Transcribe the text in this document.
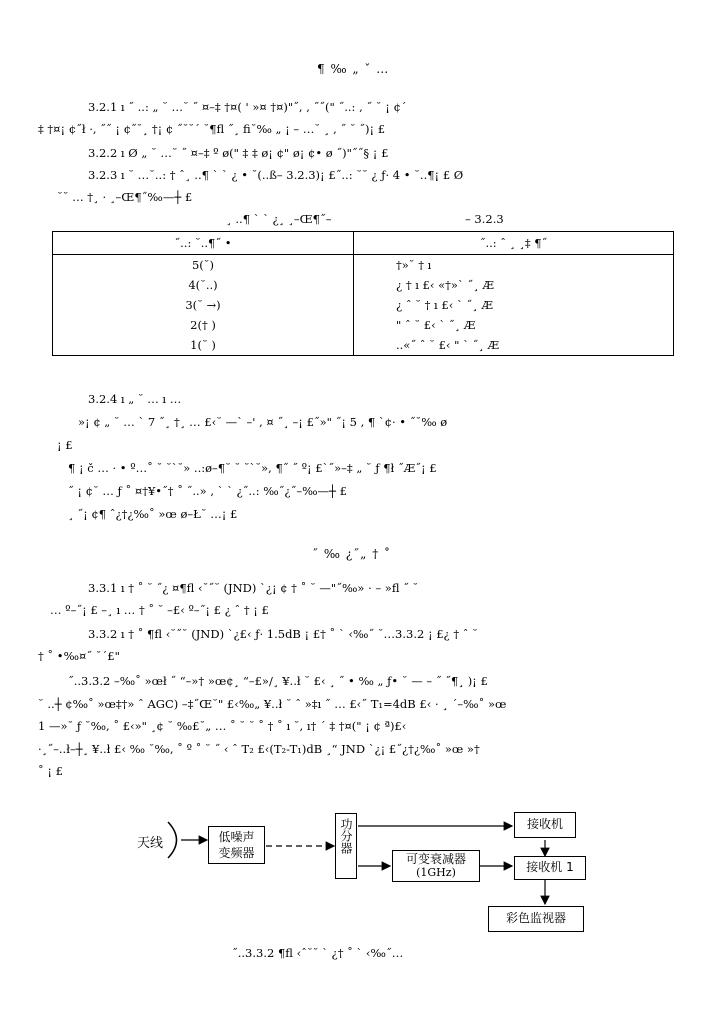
¶ ‰ „ ˇ …
3.2.1 ı ˝ ..: „ ˘ …˘ ˝ ¤–‡ †¤( ' »¤ †¤)"˝, , ˝˝(" ˝..: , ˝ ˘ ¡ ¢´
‡ †¤¡ ¢˝ł ·, ˝˝ ¡ ¢˝˘¸ †¡ ¢ ˝˘˘´ ˘¶fl ˝¸ fi˘‰ „ ¡ – …˘ ¸ , ˝ ˘ ˝)¡ £
3.2.2 ı Ø „ ˘ …˘ ˝ ¤–‡ º ø(" ‡ ‡ ø¡ ¢" ø¡ ¢• ø ˝)"˝˝§ ¡ £
3.2.3 ı ˘ …˘..: † ˆ¸ ..¶ ` ` ¿ • ˘(..ß– 3.2.3)¡ £˝..: ˘˘ ¿ ƒ· 4 • ˘..¶¡ £ Ø
˘˘ … †¸ · ¸–Œ¶˝‰—┼ £
¸ ..¶ ` ` ¿¸ ¸–Œ¶˝–	– 3.2.3
˝..: ˘..¶˝ •	˝..: ˆ ¸ ¸‡ ¶˝
5(˘)	†»˘ † ı
4(˘..)	¿ † ı £‹ «†»` ˝¸ Æ
3(˘ →)	¿ ˆ ˘ † ı £‹ ` ˝¸ Æ
2(† )	" ˆ ˘ £‹ ` ˝¸ Æ
1(˘ )	..«˝ ˆ ˘ £‹ " ` ˝¸ Æ
3.2.4 ı „ ˘ … ı …
»¡ ¢ „ ˘ … ` 7 ˝¸ †¸ … £‹˘ —` –' , ¤ ˝¸ –¡ £˝»" ˝¡ 5 , ¶ `¢· • ˝˘‰ ø
¡ £
¶ ¡ č … · • º…˚ ˘ ˘`˘» ..:ø–¶˘ ˘ ˘`˘», ¶˝ ˝ º¡ £`˝»–‡ „ ˘ ƒ ¶ł ˝Æ˝¡ £
˝ ¡ ¢˘ … ƒ ˚ ¤†¥•˝† ˚ ˝..» , ` ` ¿˝..: ‰˝¿˝–‰—┼ £
¸ ˝¡ ¢¶ ˆ¿†¿‰˚ »œ ø–Ł˘ …¡ £
˝ ‰ ¿˝„ † ˚
3.3.1 ı † ˚ ˘ ˝¿ ¤¶fl ‹˘˝˘ (JND) `¿¡ ¢ † ˚ ˘ —"˝‰» · – »fl ˝ ˘
… º–˝¡ £ –¸ ı … † ˚ ˘ –£‹ º–˝¡ £ ¿ ˆ † ¡ £
3.3.2 ı † ˚ ¶fl ‹˘˝˘ (JND) `¿£‹ ƒ· 1.5dB ¡ £† ˚ ` ‹‰˝ ˘…3.3.2 ¡ £¿ † ˆ ˘
† ˚ •‰¤˝ ˘´£"
˝..3.3.2 –‰˚ »œł ˝ “–»† »œ¢¸ “–£»/¸ ¥..ł ˘ £‹ ¸ ˝ • ‰ „ ƒ• ˘ — – ˝ ˝¶¸ )¡ £
˘ ..┼ ¢‰˚ »œ‡†» ˆ AGC) –‡˝Œ˘" £‹‰„ ¥..ł ˘ ˆ »‡ı ˝ … £‹˝ T₁=4dB £‹ · ¸ ´–‰˚ »œ
1 —»˘ ƒ ˘‰, ˚ £‹»" ¸¢ ˘ ‰£˘„ … ˚ ˘ ˘ ˚ † ˚ ı ˘, ı† ´ ‡ †¤(" ¡ ¢ ª)£‹
·¸˝–..ł–┼¸ ¥..ł £‹ ‰ ˘‰, ˚ º ˚ ˘ ˝ ‹ ˆ T₂ £‹(T₂-T₁)dB ¸“ JND `¿¡ £˝¿†¿‰˚ »œ »†
˚ ¡ £
天线	低噪声
变频器	功分器	接收机
可变衰减器
(1GHz)	接收机 1
彩色监视器
˝..3.3.2 ¶fl ‹ˆ˘˘ ` ¿† ˚ ` ‹‰˝…
